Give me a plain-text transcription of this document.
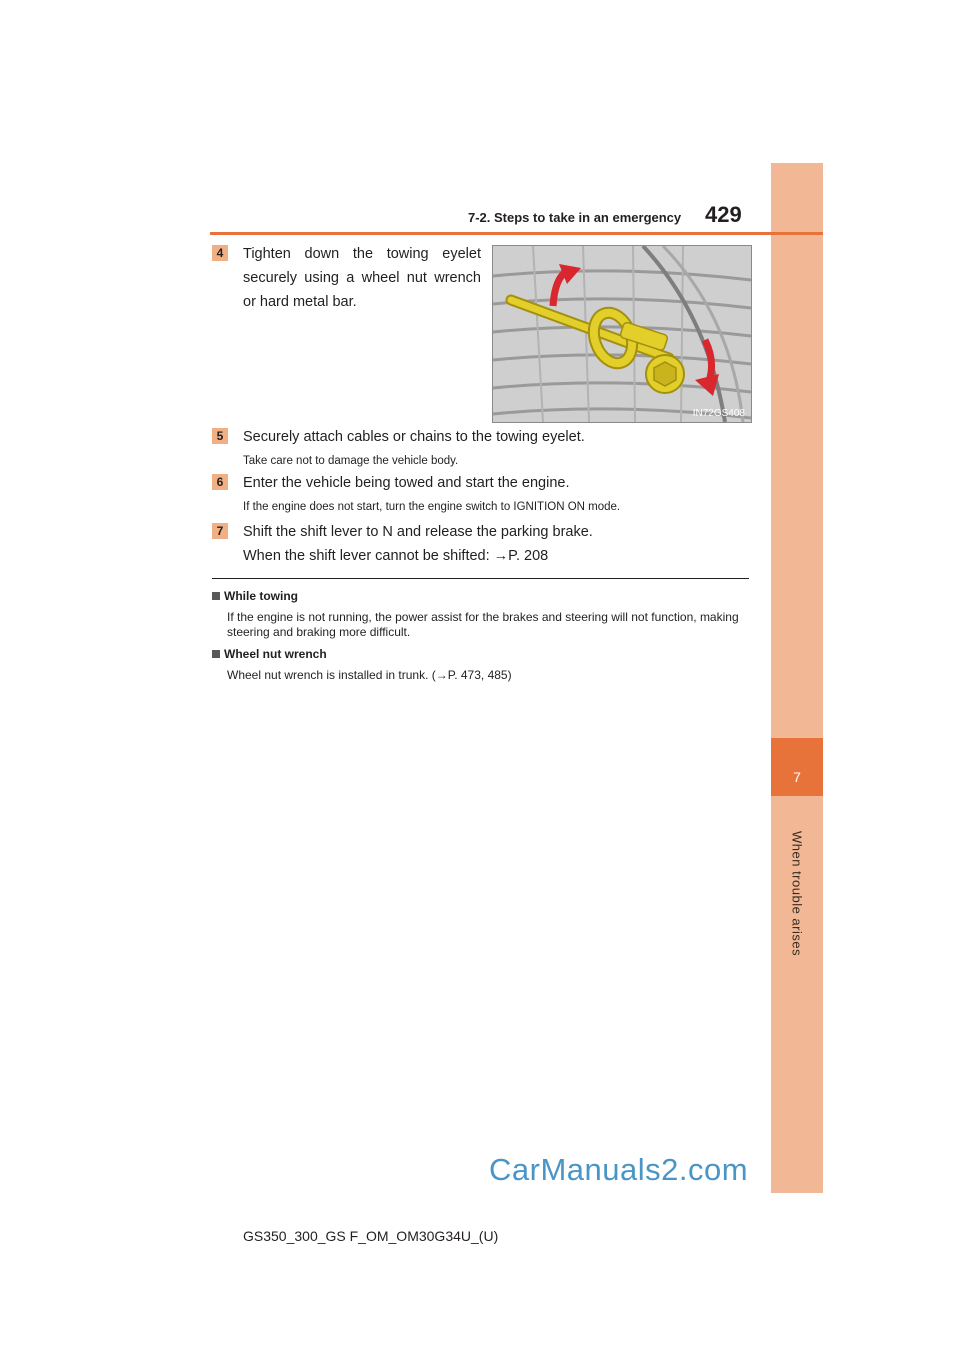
7
When trouble arises
7-2. Steps to take in an emergency 429
4	Tighten down the towing eyelet securely using a wheel nut wrench or hard metal bar.
IN72GS408
5	Securely attach cables or chains to the towing eyelet.
Take care not to damage the vehicle body.
6	Enter the vehicle being towed and start the engine.
If the engine does not start, turn the engine switch to IGNITION ON mode.
7	Shift the shift lever to N and release the parking brake.
When the shift lever cannot be shifted: →P. 208
While towing
If the engine is not running, the power assist for the brakes and steering will not function, making steering and braking more difficult.
Wheel nut wrench
Wheel nut wrench is installed in trunk. (→P. 473, 485)
CarManuals2.com
GS350_300_GS F_OM_OM30G34U_(U)
